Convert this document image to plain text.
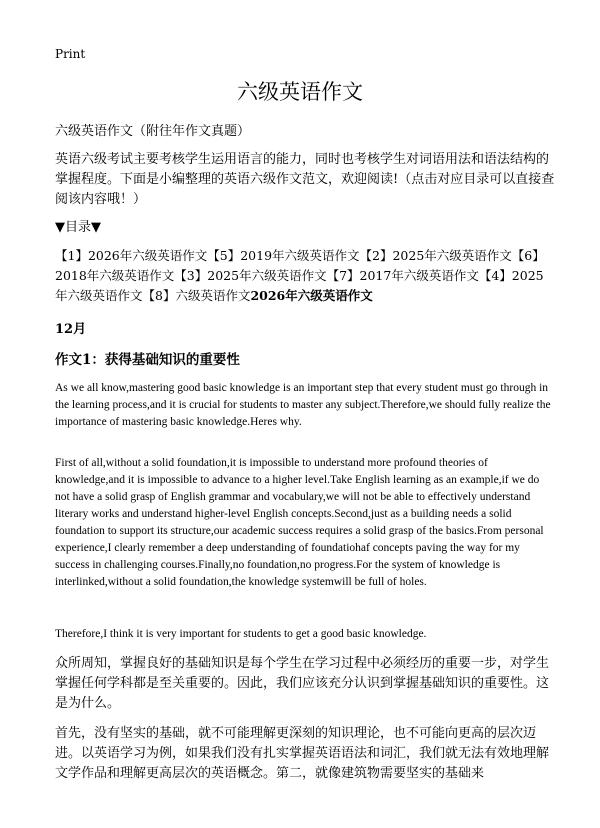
Print
六级英语作文
六级英语作文（附往年作文真题）

英语六级考试主要考核学生运用语言的能力，同时也考核学生对词语用法和语法结构的掌握程度。下面是小编整理的英语六级作文范文，欢迎阅读!（点击对应目录可以直接查阅该内容哦！）

▼目录▼

【1】2026年六级英语作文【5】2019年六级英语作文【2】2025年六级英语作文【6】2018年六级英语作文【3】2025年六级英语作文【7】2017年六级英语作文【4】2025年六级英语作文【8】六级英语作文2026年六级英语作文

12月
作文1：获得基础知识的重要性

As we all know,mastering good basic knowledge is an important step that every student must go through in the learning process,and it is crucial for students to master any subject.Therefore,we should fully realize the importance of mastering basic knowledge.Heres why.

First of all,without a solid foundation,it is impossible to understand more profound theories of knowledge,and it is impossible to advance to a higher level.Take English learning as an example,if we do not have a solid grasp of English grammar and vocabulary,we will not be able to effectively understand literary works and understand higher-level English concepts.Second,just as a building needs a solid foundation to support its structure,our academic success requires a solid grasp of the basics.From personal experience,I clearly remember a deep understanding of foundatiohaf concepts paving the way for my success in challenging courses.Finally,no foundation,no progress.For the system of knowledge is interlinked,without a solid foundation,the knowledge systemwill be full of holes.

Therefore,I think it is very important for students to get a good basic knowledge.

众所周知，掌握良好的基础知识是每个学生在学习过程中必须经历的重要一步，对学生掌握任何学科都是至关重要的。因此，我们应该充分认识到掌握基础知识的重要性。这是为什么。

首先，没有坚实的基础，就不可能理解更深刻的知识理论，也不可能向更高的层次迈进。以英语学习为例，如果我们没有扎实掌握英语语法和词汇，我们就无法有效地理解文学作品和理解更高层次的英语概念。第二，就像建筑物需要坚实的基础来
